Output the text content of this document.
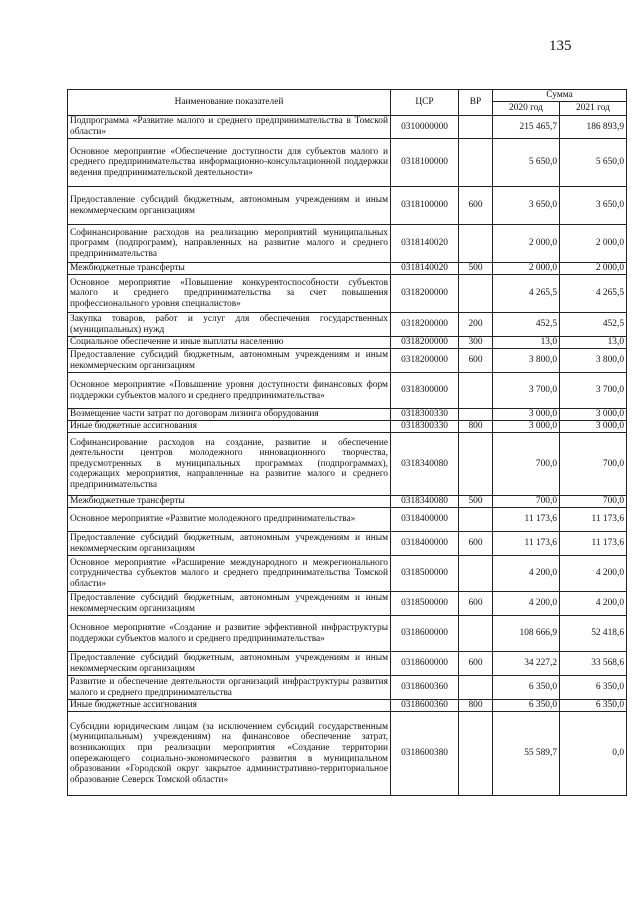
135
Наименование показателей	ЦСР	ВР	Сумма	
			2020 год	2021 год
Подпрограмма «Развитие малого и среднего предпринимательства в Томской области»	0310000000		215 465,7	186 893,9
Основное мероприятие «Обеспечение доступности для субъектов малого и среднего предпринимательства информационно-консультационной поддержки ведения предпринимательской деятельности»	0318100000		5 650,0	5 650,0
Предоставление субсидий бюджетным, автономным учреждениям и иным некоммерческим организациям	0318100000	600	3 650,0	3 650,0
Софинансирование расходов на реализацию мероприятий муниципальных программ (подпрограмм), направленных на развитие малого и среднего предпринимательства	0318140020		2 000,0	2 000,0
Межбюджетные трансферты	0318140020	500	2 000,0	2 000,0
Основное мероприятие «Повышение конкурентоспособности субъектов малого и среднего предпринимательства за счет повышения профессионального уровня специалистов»	0318200000		4 265,5	4 265,5
Закупка товаров, работ и услуг для обеспечения государственных (муниципальных) нужд	0318200000	200	452,5	452,5
Социальное обеспечение и иные выплаты населению	0318200000	300	13,0	13,0
Предоставление субсидий бюджетным, автономным учреждениям и иным некоммерческим организациям	0318200000	600	3 800,0	3 800,0
Основное мероприятие «Повышение уровня доступности финансовых форм поддержки субъектов малого и среднего предпринимательства»	0318300000		3 700,0	3 700,0
Возмещение части затрат по договорам лизинга оборудования	0318300330		3 000,0	3 000,0
Иные бюджетные ассигнования	0318300330	800	3 000,0	3 000,0
Софинансирование расходов на создание, развитие и обеспечение деятельности центров молодежного инновационного творчества, предусмотренных в муниципальных программах (подпрограммах), содержащих мероприятия, направленные на развитие малого и среднего предпринимательства	0318340080		700,0	700,0
Межбюджетные трансферты	0318340080	500	700,0	700,0
Основное мероприятие «Развитие молодежного предпринимательства»	0318400000		11 173,6	11 173,6
Предоставление субсидий бюджетным, автономным учреждениям и иным некоммерческим организациям	0318400000	600	11 173,6	11 173,6
Основное мероприятие «Расширение международного и межрегионального сотрудничества субъектов малого и среднего предпринимательства Томской области»	0318500000		4 200,0	4 200,0
Предоставление субсидий бюджетным, автономным учреждениям и иным некоммерческим организациям	0318500000	600	4 200,0	4 200,0
Основное мероприятие «Создание и развитие эффективной инфраструктуры поддержки субъектов малого и среднего предпринимательства»	0318600000		108 666,9	52 418,6
Предоставление субсидий бюджетным, автономным учреждениям и иным некоммерческим организациям	0318600000	600	34 227,2	33 568,6
Развитие и обеспечение деятельности организаций инфраструктуры развития малого и среднего предпринимательства	0318600360		6 350,0	6 350,0
Иные бюджетные ассигнования	0318600360	800	6 350,0	6 350,0
Субсидии юридическим лицам (за исключением субсидий государственным (муниципальным) учреждениям) на финансовое обеспечение затрат, возникающих при реализации мероприятия «Создание территории опережающего социально-экономического развития в муниципальном образовании «Городской округ закрытое административно-территориальное образование Северск Томской области»	0318600380		55 589,7	0,0
